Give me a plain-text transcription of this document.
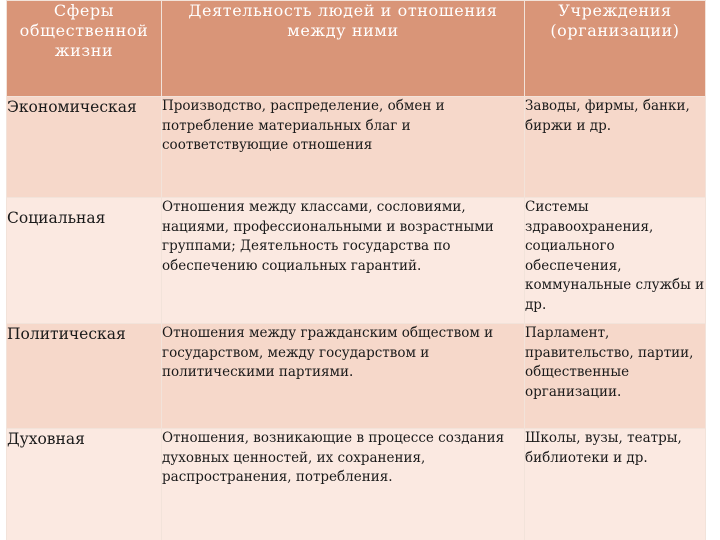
Сферы общественной жизни	Деятельность людей и отношения между ними	Учреждения (организации)
Экономическая	Производство, распределение, обмен и потребление материальных благ и соответствующие отношения	Заводы, фирмы, банки, биржи и др.
Социальная	Отношения между классами, сословиями, нациями, профессиональными и возрастными группами; Деятельность государства по обеспечению социальных гарантий.	Системы здравоохранения, социального обеспечения, коммунальные службы и др.
Политическая	Отношения между гражданским обществом и государством, между государством и политическими партиями.	Парламент, правительство, партии, общественные организации.
Духовная	Отношения, возникающие в процессе создания духовных ценностей, их сохранения, распространения, потребления.	Школы, вузы, театры, библиотеки и др.
